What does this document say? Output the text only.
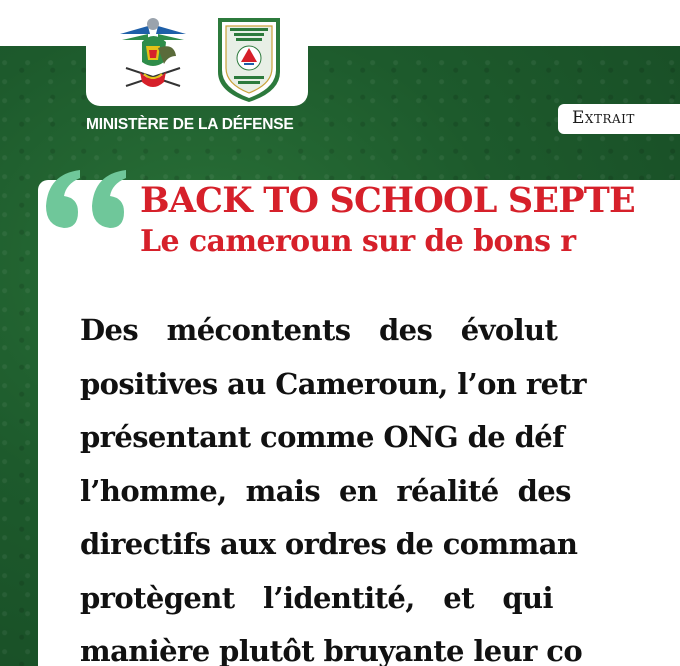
MINISTÈRE DE LA DÉFENSE	Extrait
BACK TO SCHOOL SEPTE
Le cameroun sur de bons r
Des   mécontents   des   évolut
positives au Cameroun, l’on retr
présentant comme ONG de déf
l’homme,  mais  en  réalité  des
directifs aux ordres de comman
protègent   l’identité,   et   qui
manière plutôt bruyante leur co
